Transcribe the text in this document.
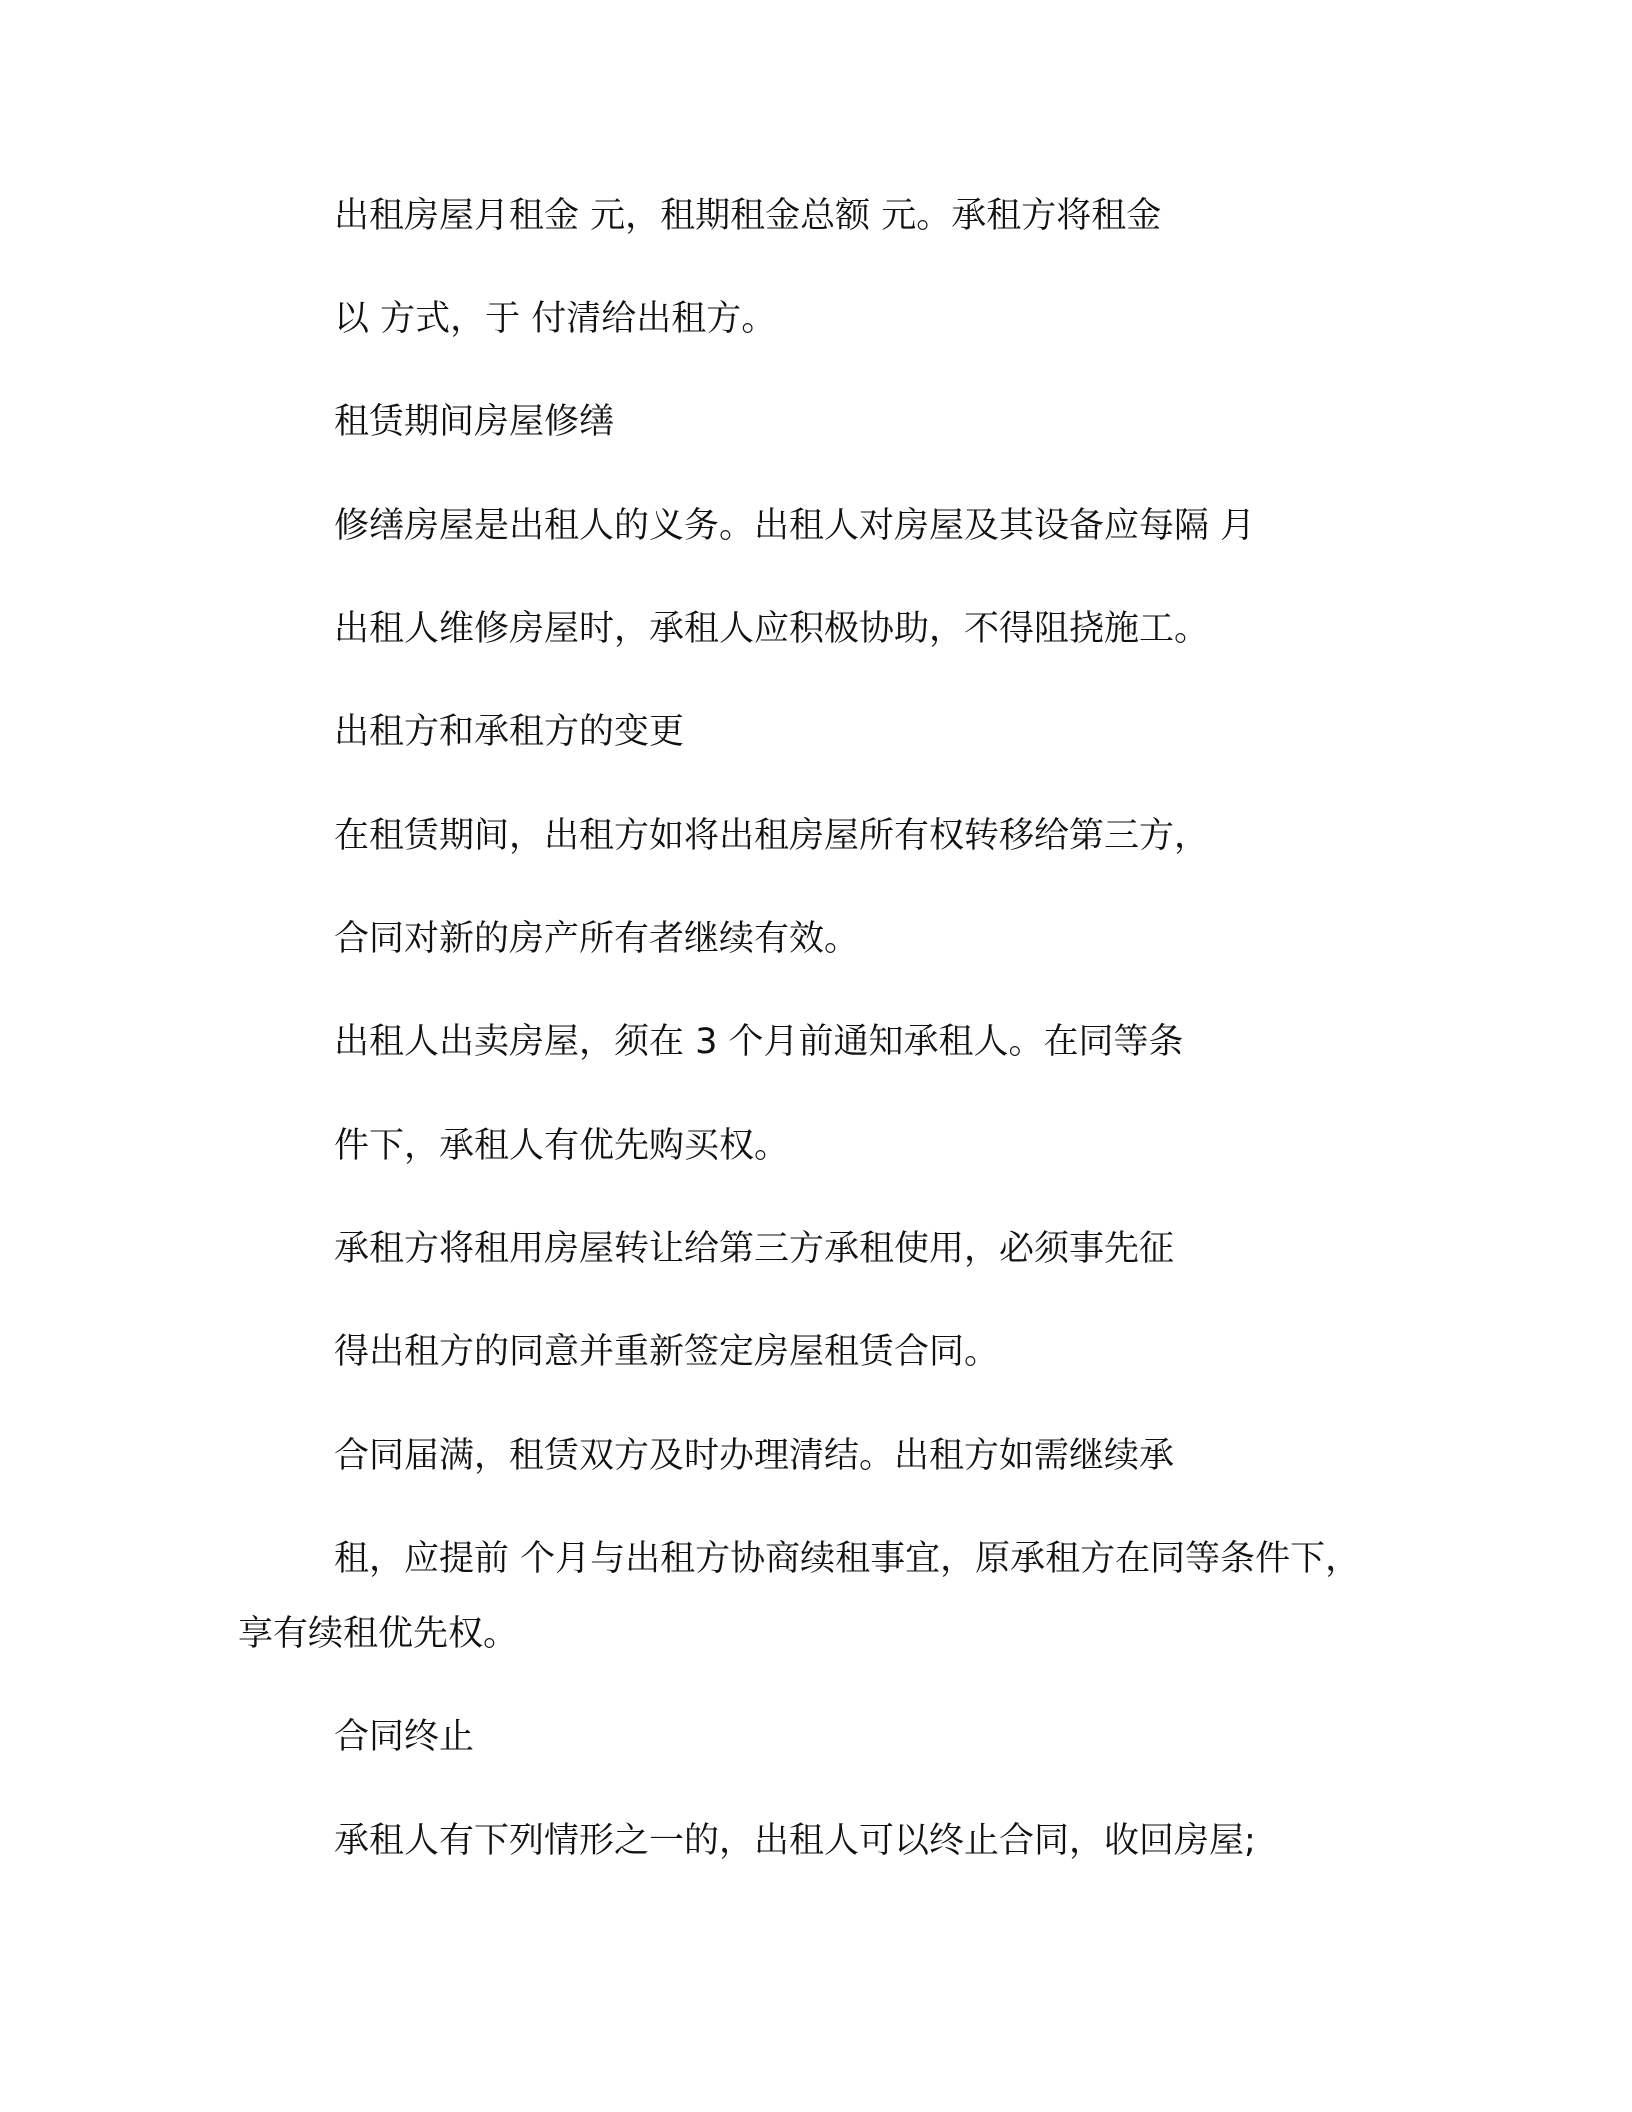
出租房屋月租金 元，租期租金总额 元。承租方将租金

以 方式，于 付清给出租方。

租赁期间房屋修缮

修缮房屋是出租人的义务。出租人对房屋及其设备应每隔 月

出租人维修房屋时，承租人应积极协助，不得阻挠施工。

出租方和承租方的变更

在租赁期间，出租方如将出租房屋所有权转移给第三方，

合同对新的房产所有者继续有效。

出租人出卖房屋，须在 3 个月前通知承租人。在同等条

件下，承租人有优先购买权。

承租方将租用房屋转让给第三方承租使用，必须事先征

得出租方的同意并重新签定房屋租赁合同。

合同届满，租赁双方及时办理清结。出租方如需继续承

租，应提前 个月与出租方协商续租事宜，原承租方在同等条件下，

享有续租优先权。

合同终止

承租人有下列情形之一的，出租人可以终止合同，收回房屋;
